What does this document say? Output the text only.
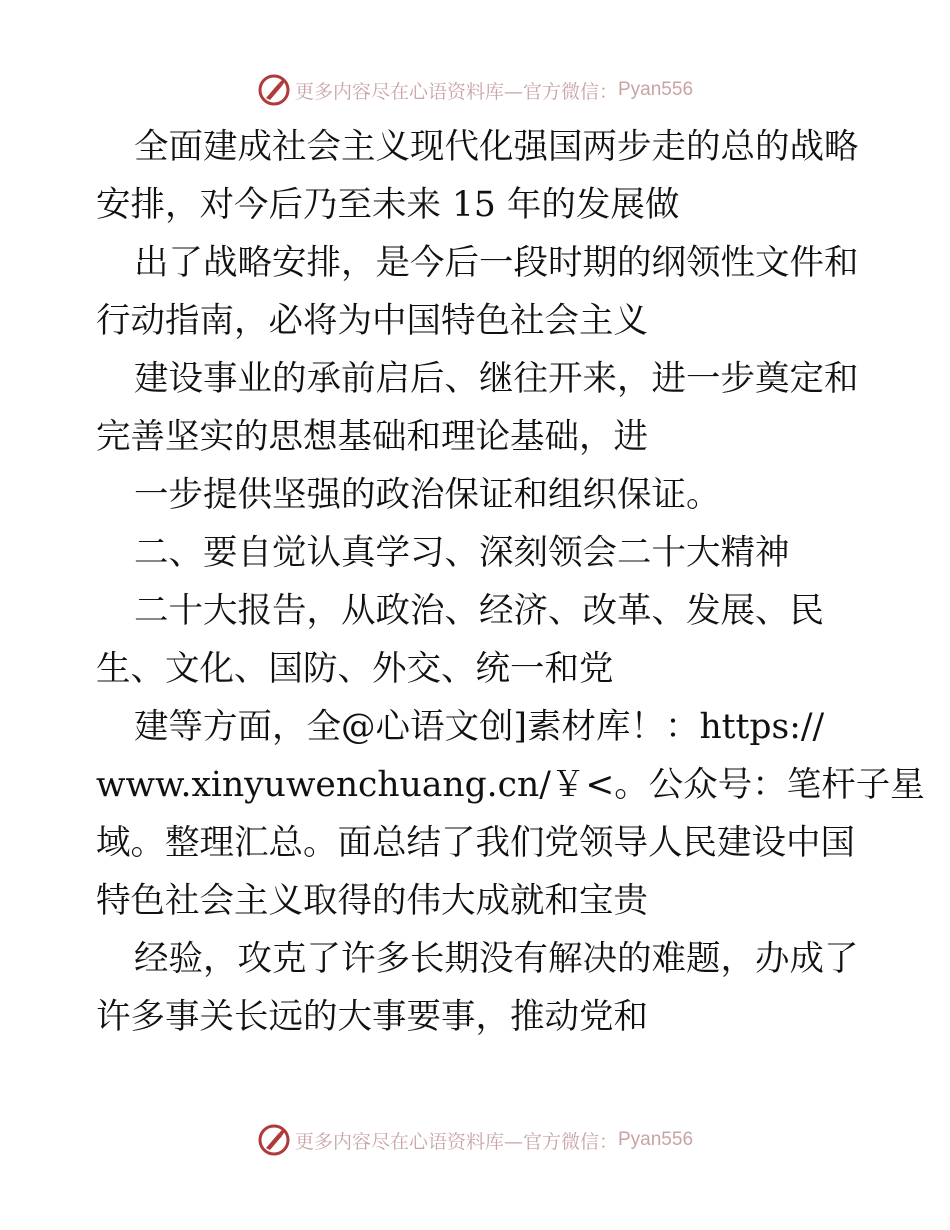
更多内容尽在心语资料库—官方微信： Pyan556
全面建成社会主义现代化强国两步走的总的战略
安排，对今后乃至未来 15 年的发展做
出了战略安排，是今后一段时期的纲领性文件和
行动指南，必将为中国特色社会主义
建设事业的承前启后、继往开来，进一步奠定和
完善坚实的思想基础和理论基础，进
一步提供坚强的政治保证和组织保证。
二、要自觉认真学习、深刻领会二十大精神
二十大报告，从政治、经济、改革、发展、民
生、文化、国防、外交、统一和党
建等方面，全@心语文创]素材库！：https://
www.xinyuwenchuang.cn/￥<。公众号：笔杆子星
域。整理汇总。面总结了我们党领导人民建设中国
特色社会主义取得的伟大成就和宝贵
经验，攻克了许多长期没有解决的难题，办成了
许多事关长远的大事要事，推动党和
更多内容尽在心语资料库—官方微信： Pyan556
